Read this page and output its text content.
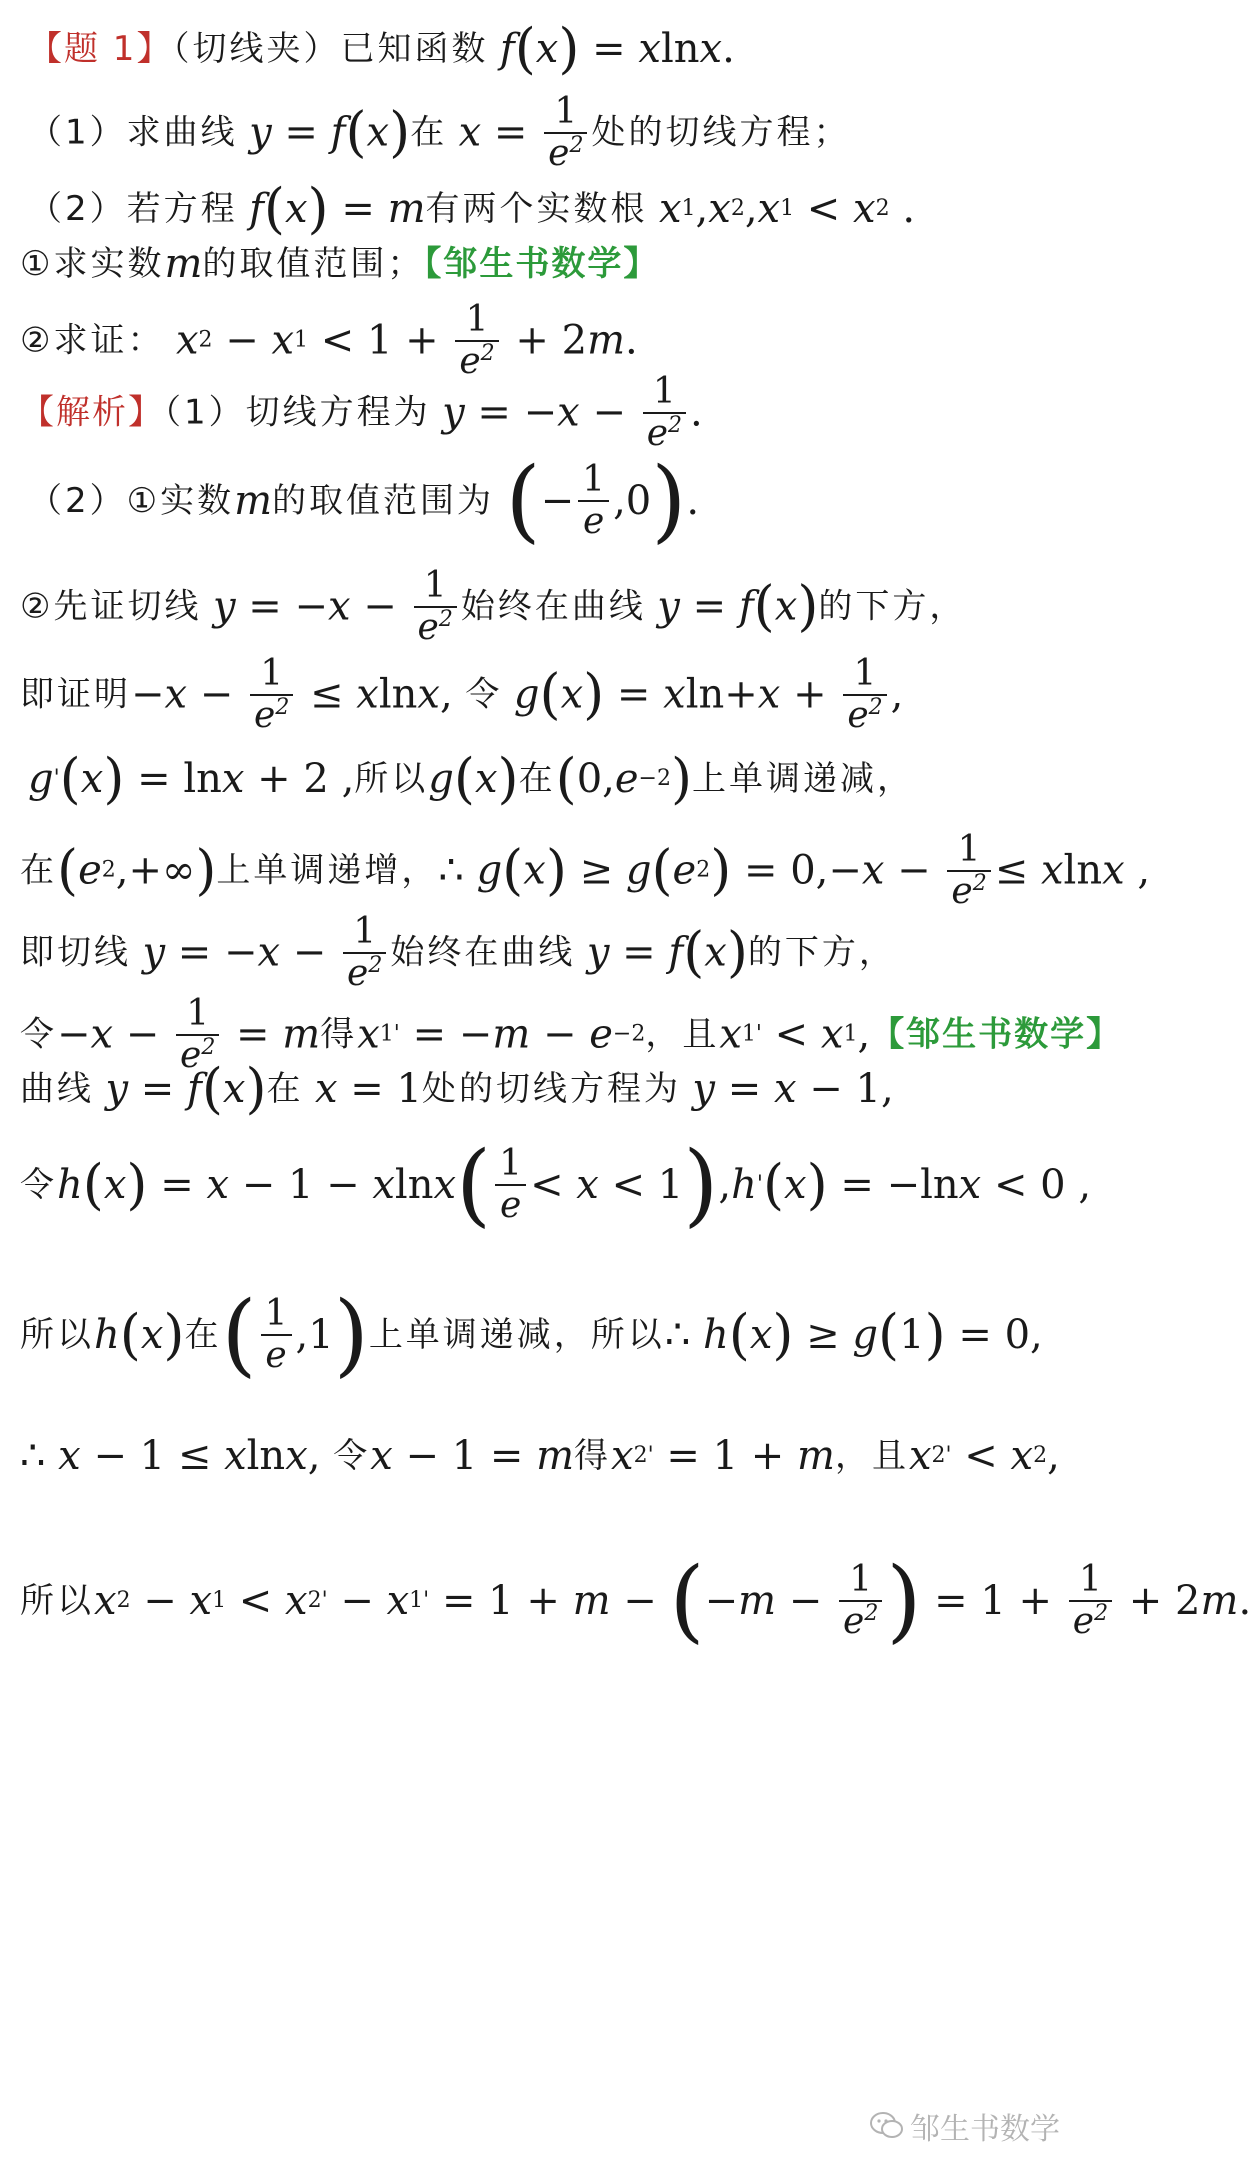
【题 1】（切线夹）已知函数 f(x) = xlnx.
（1）求曲线 y = f(x)在 $x = \frac{1}{e^2}$ 处的切线方程；
（2）若方程 f(x) = m有两个实数根 x1,x2,x1 < x2 .
①求实数m的取值范围；【邹生书数学】
②求证： $x2 - x1 < 1 + \frac{1}{e^2} + 2m$.
【解析】（1）切线方程为 $y = -x - \frac{1}{e^2}$ .
（2）①实数m的取值范围为 (− $\frac{1}{e} ,0$).
②先证切线 $y = -x - \frac{1}{e^2}$ 始终在曲线 y = f(x)的下方，
即证明$-x - \frac{1}{e^2} \le xlnx$, 令 $g(x) = xln+x + \frac{1}{e^2}$ ,
g'(x) = lnx + 2 ,所以g(x)在(0,e−2)上单调递减，
在(e2,+∞)上单调递增，∴ $g(x) \ge g(e2) = 0,-x - \frac{1}{e^2} \le xlnx$ ,
即切线 $y = -x - \frac{1}{e^2}$ 始终在曲线 y = f(x)的下方，
令$-x - \frac{1}{e^2} = m$得x1' = −m − e−2，且x1' < x1,【邹生书数学】
曲线 y = f(x)在 x = 1处的切线方程为 y = x − 1,
令$h(x) = x - 1 - xlnx( \frac{1}{e} < x < 1),h'(x) = -\ln x < 0$ ,
所以h(x)在( $\frac{1}{e} ,1$)上单调递减，所以∴ h(x) ≥ g(1) = 0,
∴ x − 1 ≤ xlnx, 令x − 1 = m得x2' = 1 + m，且x2' < x2,
所以$x2 - x1 < x2' - x1' = 1 + m - (-m - \frac{1}{e^2}$ ) = $1 + \frac{1}{e^2} + 2m$.
邹生书数学
